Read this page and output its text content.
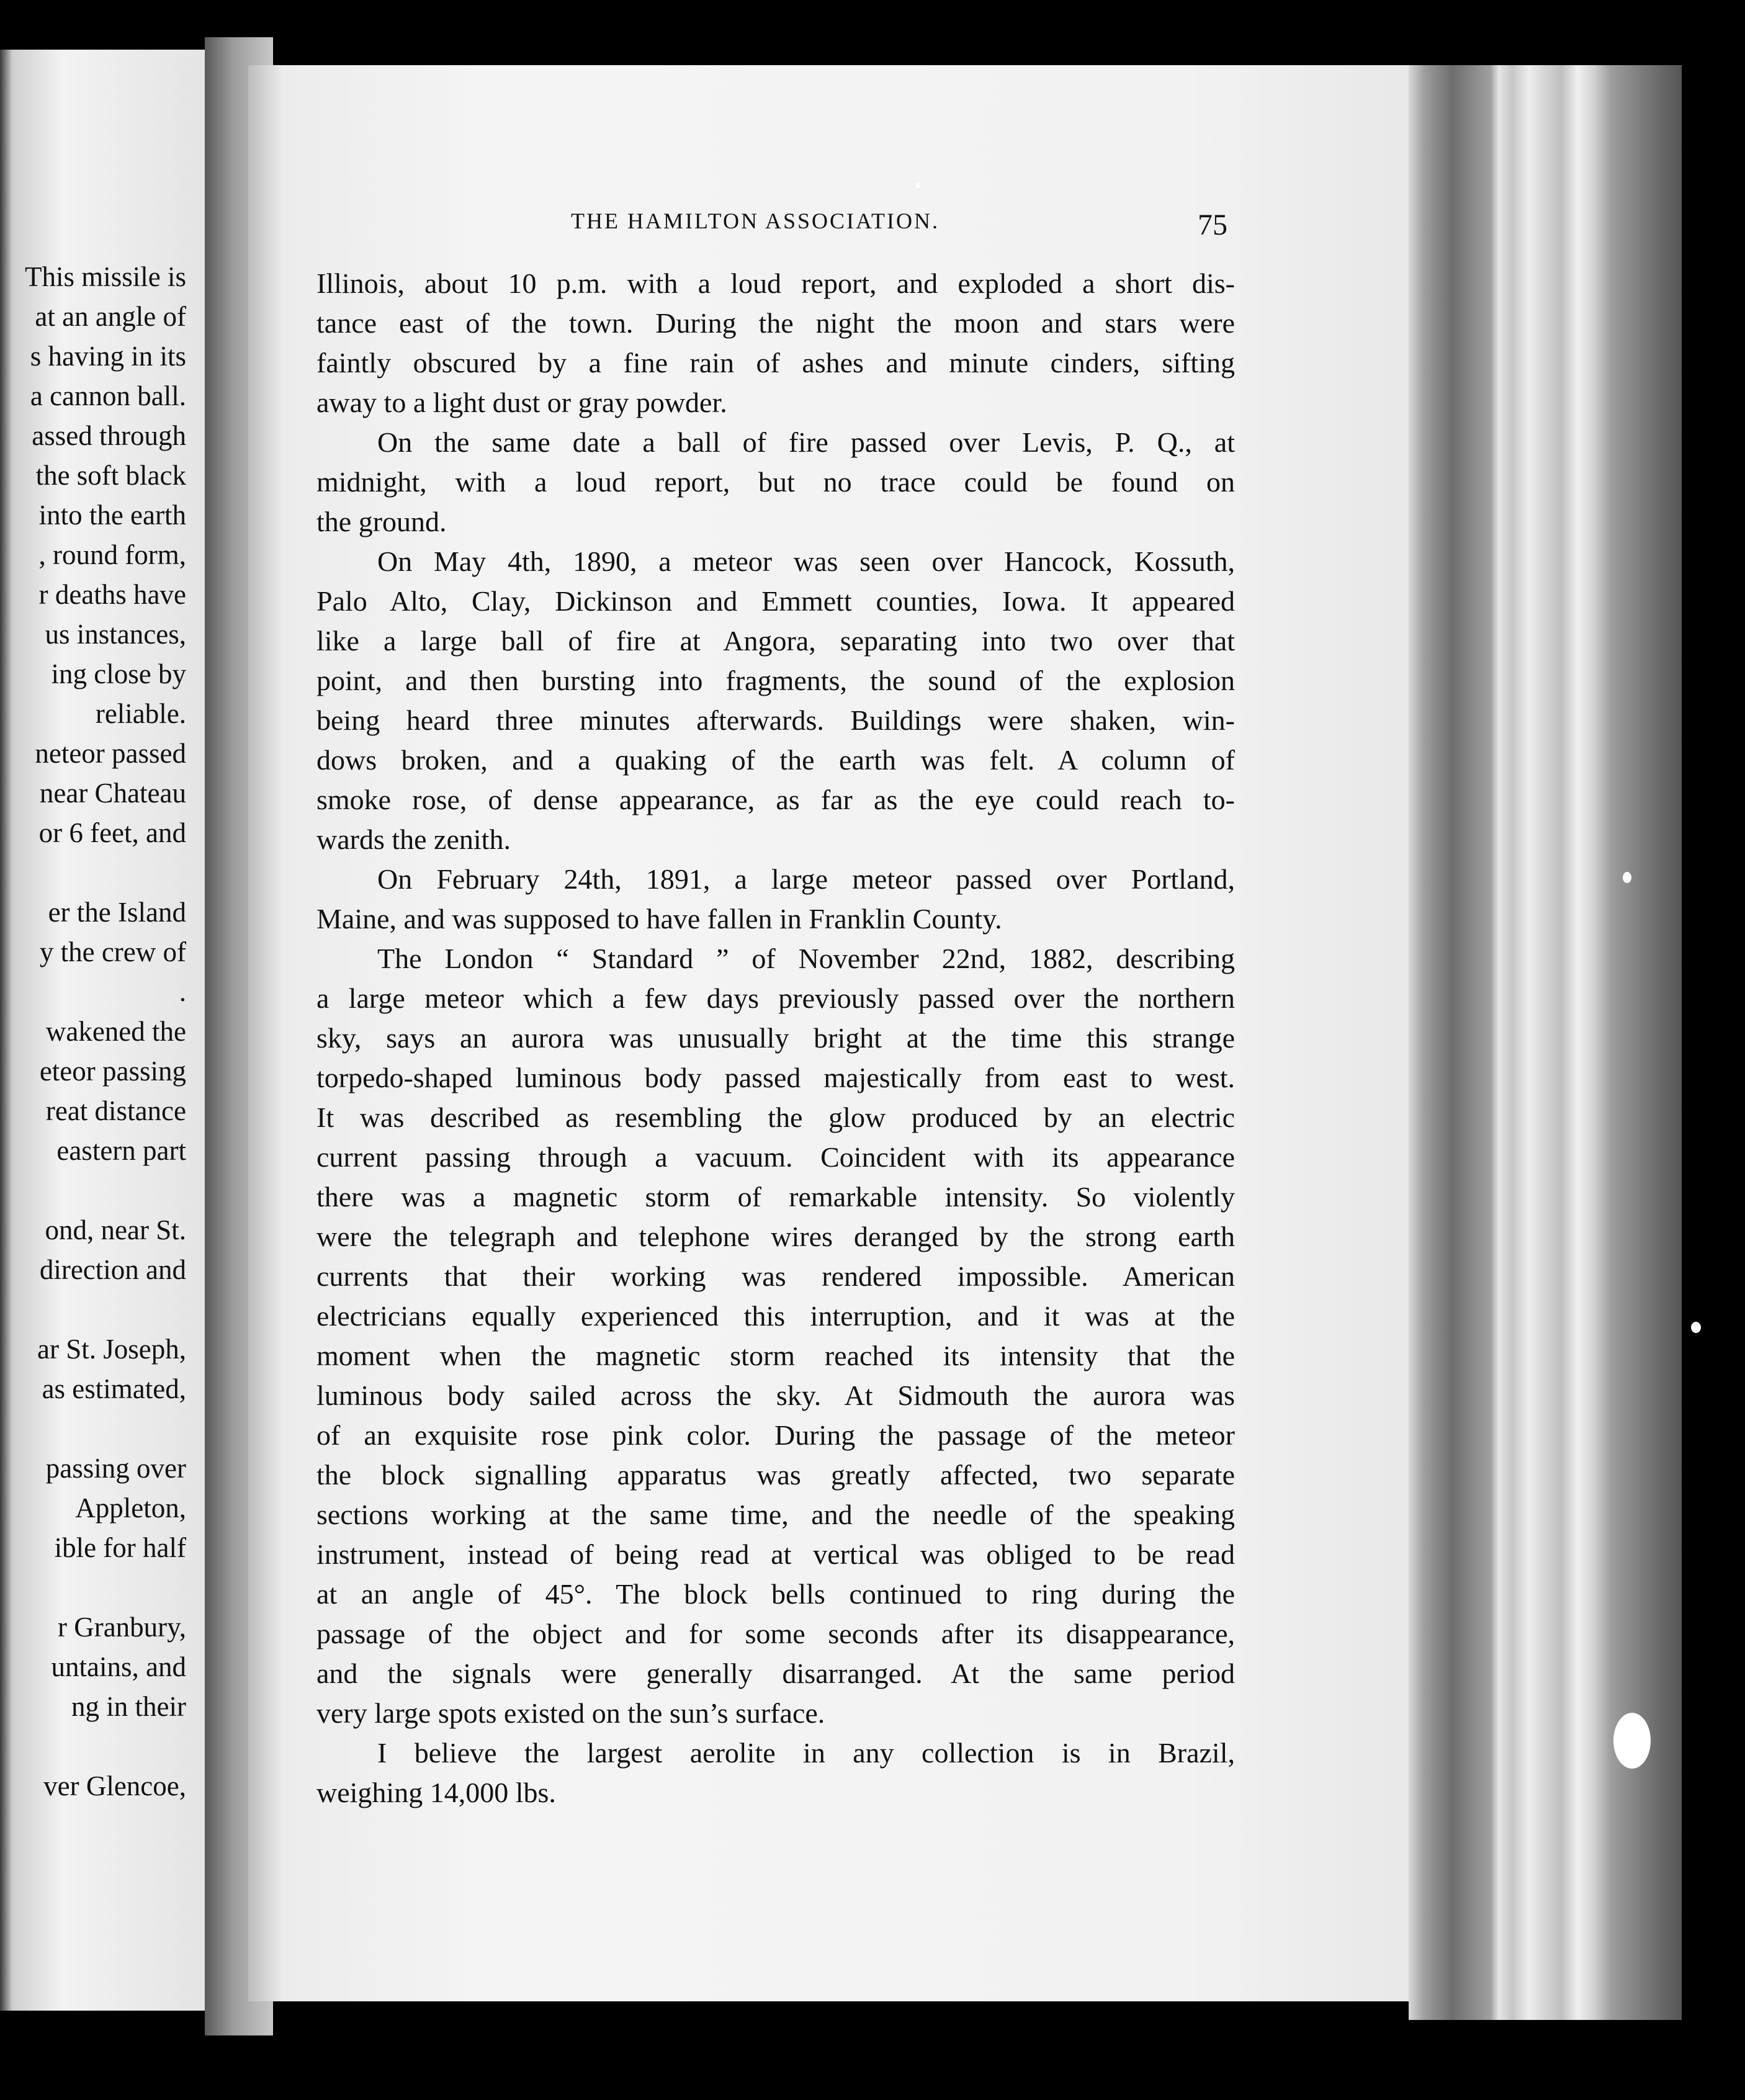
This missile is
at an angle of
s having in its
a cannon ball.
assed through
the soft black
into the earth
, round form,
r deaths have
us instances,
ing close by
reliable.
neteor passed
near Chateau
or 6 feet, and
er the Island
y the crew of
.
wakened the
eteor passing
reat distance
eastern part
ond, near St.
direction and
ar St. Joseph,
as estimated,
passing over
Appleton,
ible for half
r Granbury,
untains, and
ng in their
ver Glencoe,
THE HAMILTON ASSOCIATION.	75
Illinois, about 10 p.m. with a loud report, and exploded a short dis-
tance east of the town. During the night the moon and stars were
faintly obscured by a fine rain of ashes and minute cinders, sifting
away to a light dust or gray powder.
On the same date a ball of fire passed over Levis, P. Q., at
midnight, with a loud report, but no trace could be found on
the ground.
On May 4th, 1890, a meteor was seen over Hancock, Kossuth,
Palo Alto, Clay, Dickinson and Emmett counties, Iowa. It appeared
like a large ball of fire at Angora, separating into two over that
point, and then bursting into fragments, the sound of the explosion
being heard three minutes afterwards. Buildings were shaken, win-
dows broken, and a quaking of the earth was felt. A column of
smoke rose, of dense appearance, as far as the eye could reach to-
wards the zenith.
On February 24th, 1891, a large meteor passed over Portland,
Maine, and was supposed to have fallen in Franklin County.
The London “ Standard ” of November 22nd, 1882, describing
a large meteor which a few days previously passed over the northern
sky, says an aurora was unusually bright at the time this strange
torpedo-shaped luminous body passed majestically from east to west.
It was described as resembling the glow produced by an electric
current passing through a vacuum. Coincident with its appearance
there was a magnetic storm of remarkable intensity. So violently
were the telegraph and telephone wires deranged by the strong earth
currents that their working was rendered impossible. American
electricians equally experienced this interruption, and it was at the
moment when the magnetic storm reached its intensity that the
luminous body sailed across the sky. At Sidmouth the aurora was
of an exquisite rose pink color. During the passage of the meteor
the block signalling apparatus was greatly affected, two separate
sections working at the same time, and the needle of the speaking
instrument, instead of being read at vertical was obliged to be read
at an angle of 45°. The block bells continued to ring during the
passage of the object and for some seconds after its disappearance,
and the signals were generally disarranged. At the same period
very large spots existed on the sun’s surface.
I believe the largest aerolite in any collection is in Brazil,
weighing 14,000 lbs.
